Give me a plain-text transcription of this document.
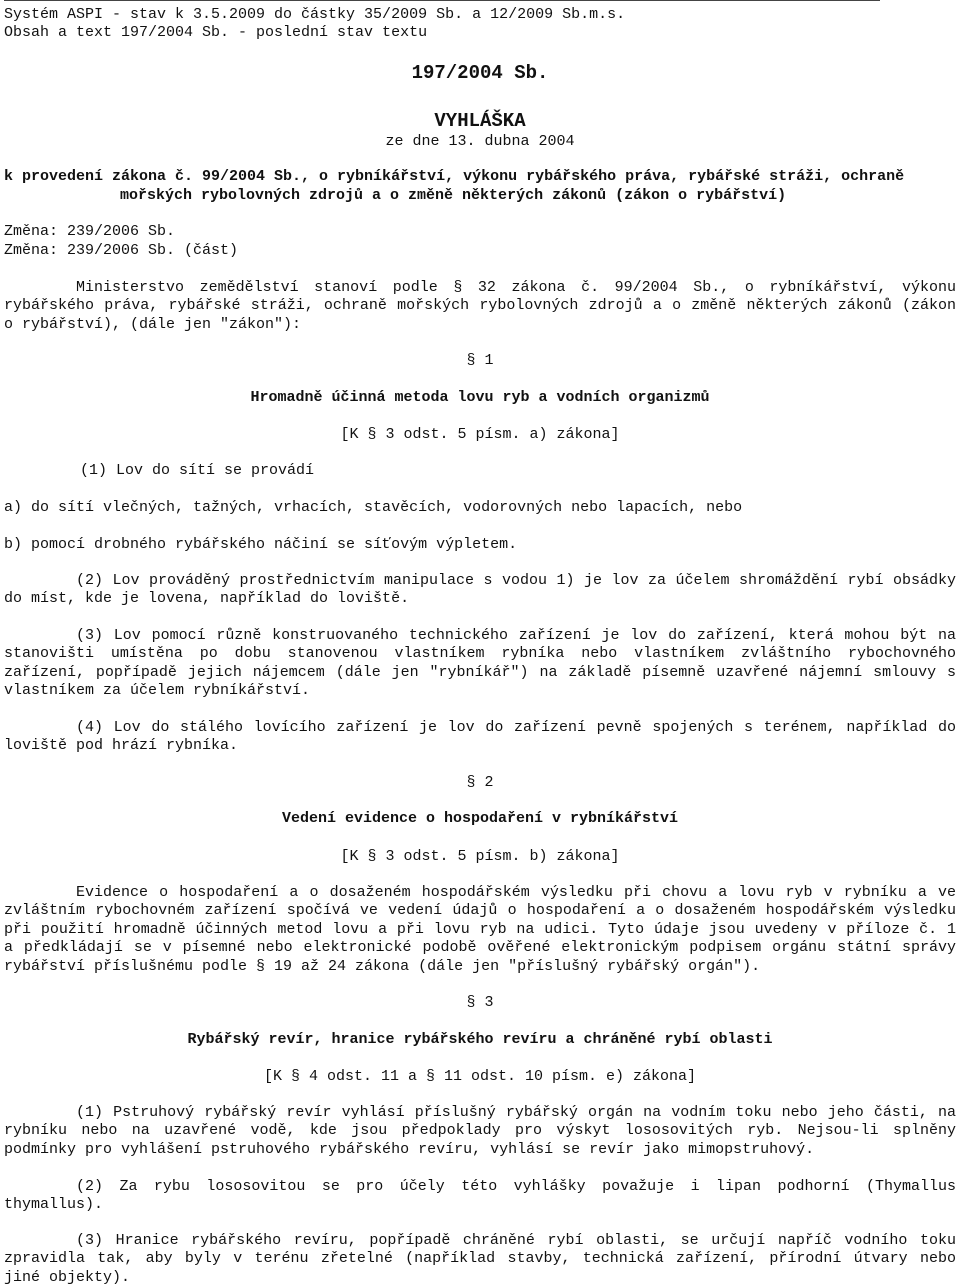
Systém ASPI - stav k 3.5.2009 do částky 35/2009 Sb. a 12/2009 Sb.m.s.
Obsah a text 197/2004 Sb. - poslední stav textu
197/2004 Sb.
VYHLÁŠKA
ze dne 13. dubna 2004
k provedení zákona č. 99/2004 Sb., o rybníkářství, výkonu rybářského práva, rybářské stráži, ochraně
mořských rybolovných zdrojů a o změně některých zákonů (zákon o rybářství)
Změna: 239/2006 Sb.
Změna: 239/2006 Sb. (část)
Ministerstvo zemědělství stanoví podle § 32 zákona č. 99/2004 Sb., o rybníkářství, výkonu rybářského práva, rybářské stráži, ochraně mořských rybolovných zdrojů a o změně některých zákonů (zákon o rybářství), (dále jen "zákon"):
§ 1
Hromadně účinná metoda lovu ryb a vodních organizmů
[K § 3 odst. 5 písm. a) zákona]
(1) Lov do sítí se provádí
a) do sítí vlečných, tažných, vrhacích, stavěcích, vodorovných nebo lapacích, nebo
b) pomocí drobného rybářského náčiní se síťovým výpletem.
(2) Lov prováděný prostřednictvím manipulace s vodou 1) je lov za účelem shromáždění rybí obsádky do míst, kde je lovena, například do loviště.
(3) Lov pomocí různě konstruovaného technického zařízení je lov do zařízení, která mohou být na stanovišti umístěna po dobu stanovenou vlastníkem rybníka nebo vlastníkem zvláštního rybochovného zařízení, popřípadě jejich nájemcem (dále jen "rybníkář") na základě písemně uzavřené nájemní smlouvy s vlastníkem za účelem rybníkářství.
(4) Lov do stálého lovícího zařízení je lov do zařízení pevně spojených s terénem, například do loviště pod hrází rybníka.
§ 2
Vedení evidence o hospodaření v rybníkářství
[K § 3 odst. 5 písm. b) zákona]
Evidence o hospodaření a o dosaženém hospodářském výsledku při chovu a lovu ryb v rybníku a ve zvláštním rybochovném zařízení spočívá ve vedení údajů o hospodaření a o dosaženém hospodářském výsledku při použití hromadně účinných metod lovu a při lovu ryb na udici. Tyto údaje jsou uvedeny v příloze č. 1 a předkládají se v písemné nebo elektronické podobě ověřené elektronickým podpisem orgánu státní správy rybářství příslušnému podle § 19 až 24 zákona (dále jen "příslušný rybářský orgán").
§ 3
Rybářský revír, hranice rybářského revíru a chráněné rybí oblasti
[K § 4 odst. 11 a § 11 odst. 10 písm. e) zákona]
(1) Pstruhový rybářský revír vyhlásí příslušný rybářský orgán na vodním toku nebo jeho části, na rybníku nebo na uzavřené vodě, kde jsou předpoklady pro výskyt lososovitých ryb. Nejsou-li splněny podmínky pro vyhlášení pstruhového rybářského revíru, vyhlásí se revír jako mimopstruhový.
(2) Za rybu lososovitou se pro účely této vyhlášky považuje i lipan podhorní (Thymallus thymallus).
(3) Hranice rybářského revíru, popřípadě chráněné rybí oblasti, se určují napříč vodního toku zpravidla tak, aby byly v terénu zřetelné (například stavby, technická zařízení, přírodní útvary nebo jiné objekty).
